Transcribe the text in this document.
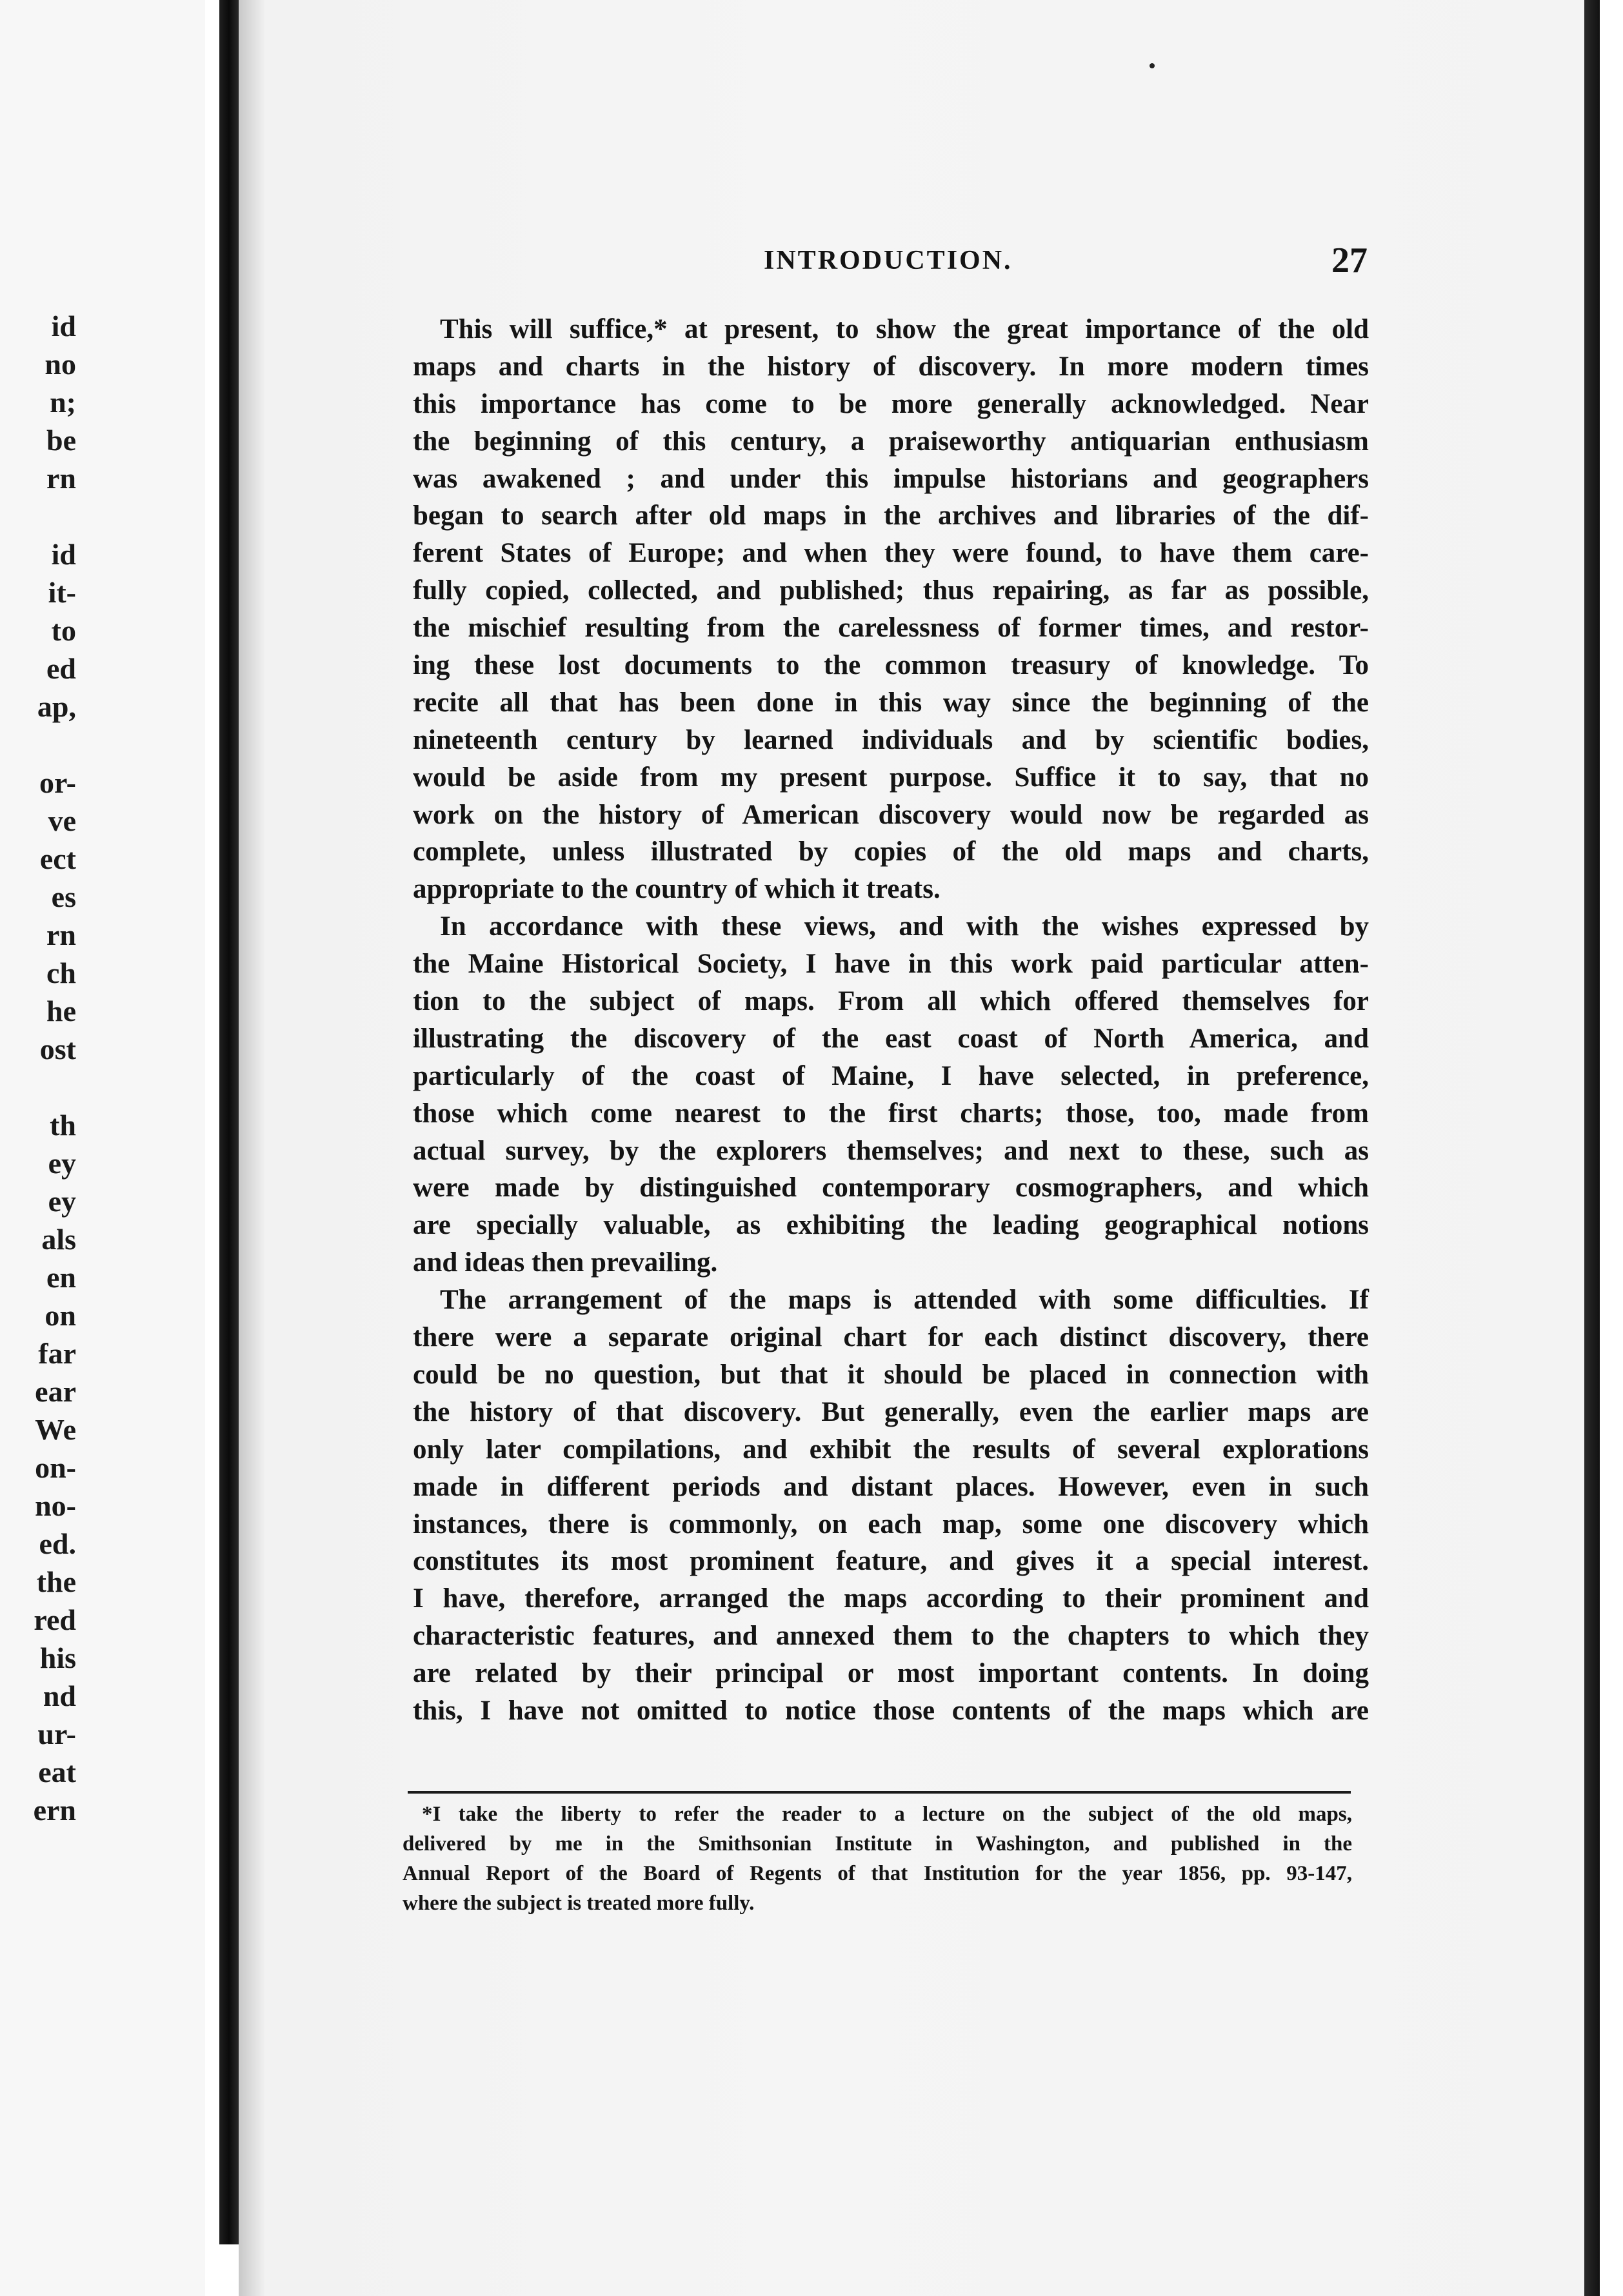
id
no
n;
be
rn
id
it-
to
ed
ap,
or-
ve
ect
es
rn
ch
he
ost
th
ey
ey
als
en
on
far
ear
We
on-
no-
ed.
the
red
his
nd
ur-
eat
ern
INTRODUCTION.	27
This will suffice,* at present, to show the great importance of the old
maps and charts in the history of discovery. In more modern times
this importance has come to be more generally acknowledged. Near
the beginning of this century, a praiseworthy antiquarian enthusiasm
was awakened ; and under this impulse historians and geographers
began to search after old maps in the archives and libraries of the dif-
ferent States of Europe; and when they were found, to have them care-
fully copied, collected, and published; thus repairing, as far as possible,
the mischief resulting from the carelessness of former times, and restor-
ing these lost documents to the common treasury of knowledge. To
recite all that has been done in this way since the beginning of the
nineteenth century by learned individuals and by scientific bodies,
would be aside from my present purpose. Suffice it to say, that no
work on the history of American discovery would now be regarded as
complete, unless illustrated by copies of the old maps and charts,
appropriate to the country of which it treats.
In accordance with these views, and with the wishes expressed by
the Maine Historical Society, I have in this work paid particular atten-
tion to the subject of maps. From all which offered themselves for
illustrating the discovery of the east coast of North America, and
particularly of the coast of Maine, I have selected, in preference,
those which come nearest to the first charts; those, too, made from
actual survey, by the explorers themselves; and next to these, such as
were made by distinguished contemporary cosmographers, and which
are specially valuable, as exhibiting the leading geographical notions
and ideas then prevailing.
The arrangement of the maps is attended with some difficulties. If
there were a separate original chart for each distinct discovery, there
could be no question, but that it should be placed in connection with
the history of that discovery. But generally, even the earlier maps are
only later compilations, and exhibit the results of several explorations
made in different periods and distant places. However, even in such
instances, there is commonly, on each map, some one discovery which
constitutes its most prominent feature, and gives it a special interest.
I have, therefore, arranged the maps according to their prominent and
characteristic features, and annexed them to the chapters to which they
are related by their principal or most important contents. In doing
this, I have not omitted to notice those contents of the maps which are
*I take the liberty to refer the reader to a lecture on the subject of the old maps,
delivered by me in the Smithsonian Institute in Washington, and published in the
Annual Report of the Board of Regents of that Institution for the year 1856, pp. 93-147,
where the subject is treated more fully.
